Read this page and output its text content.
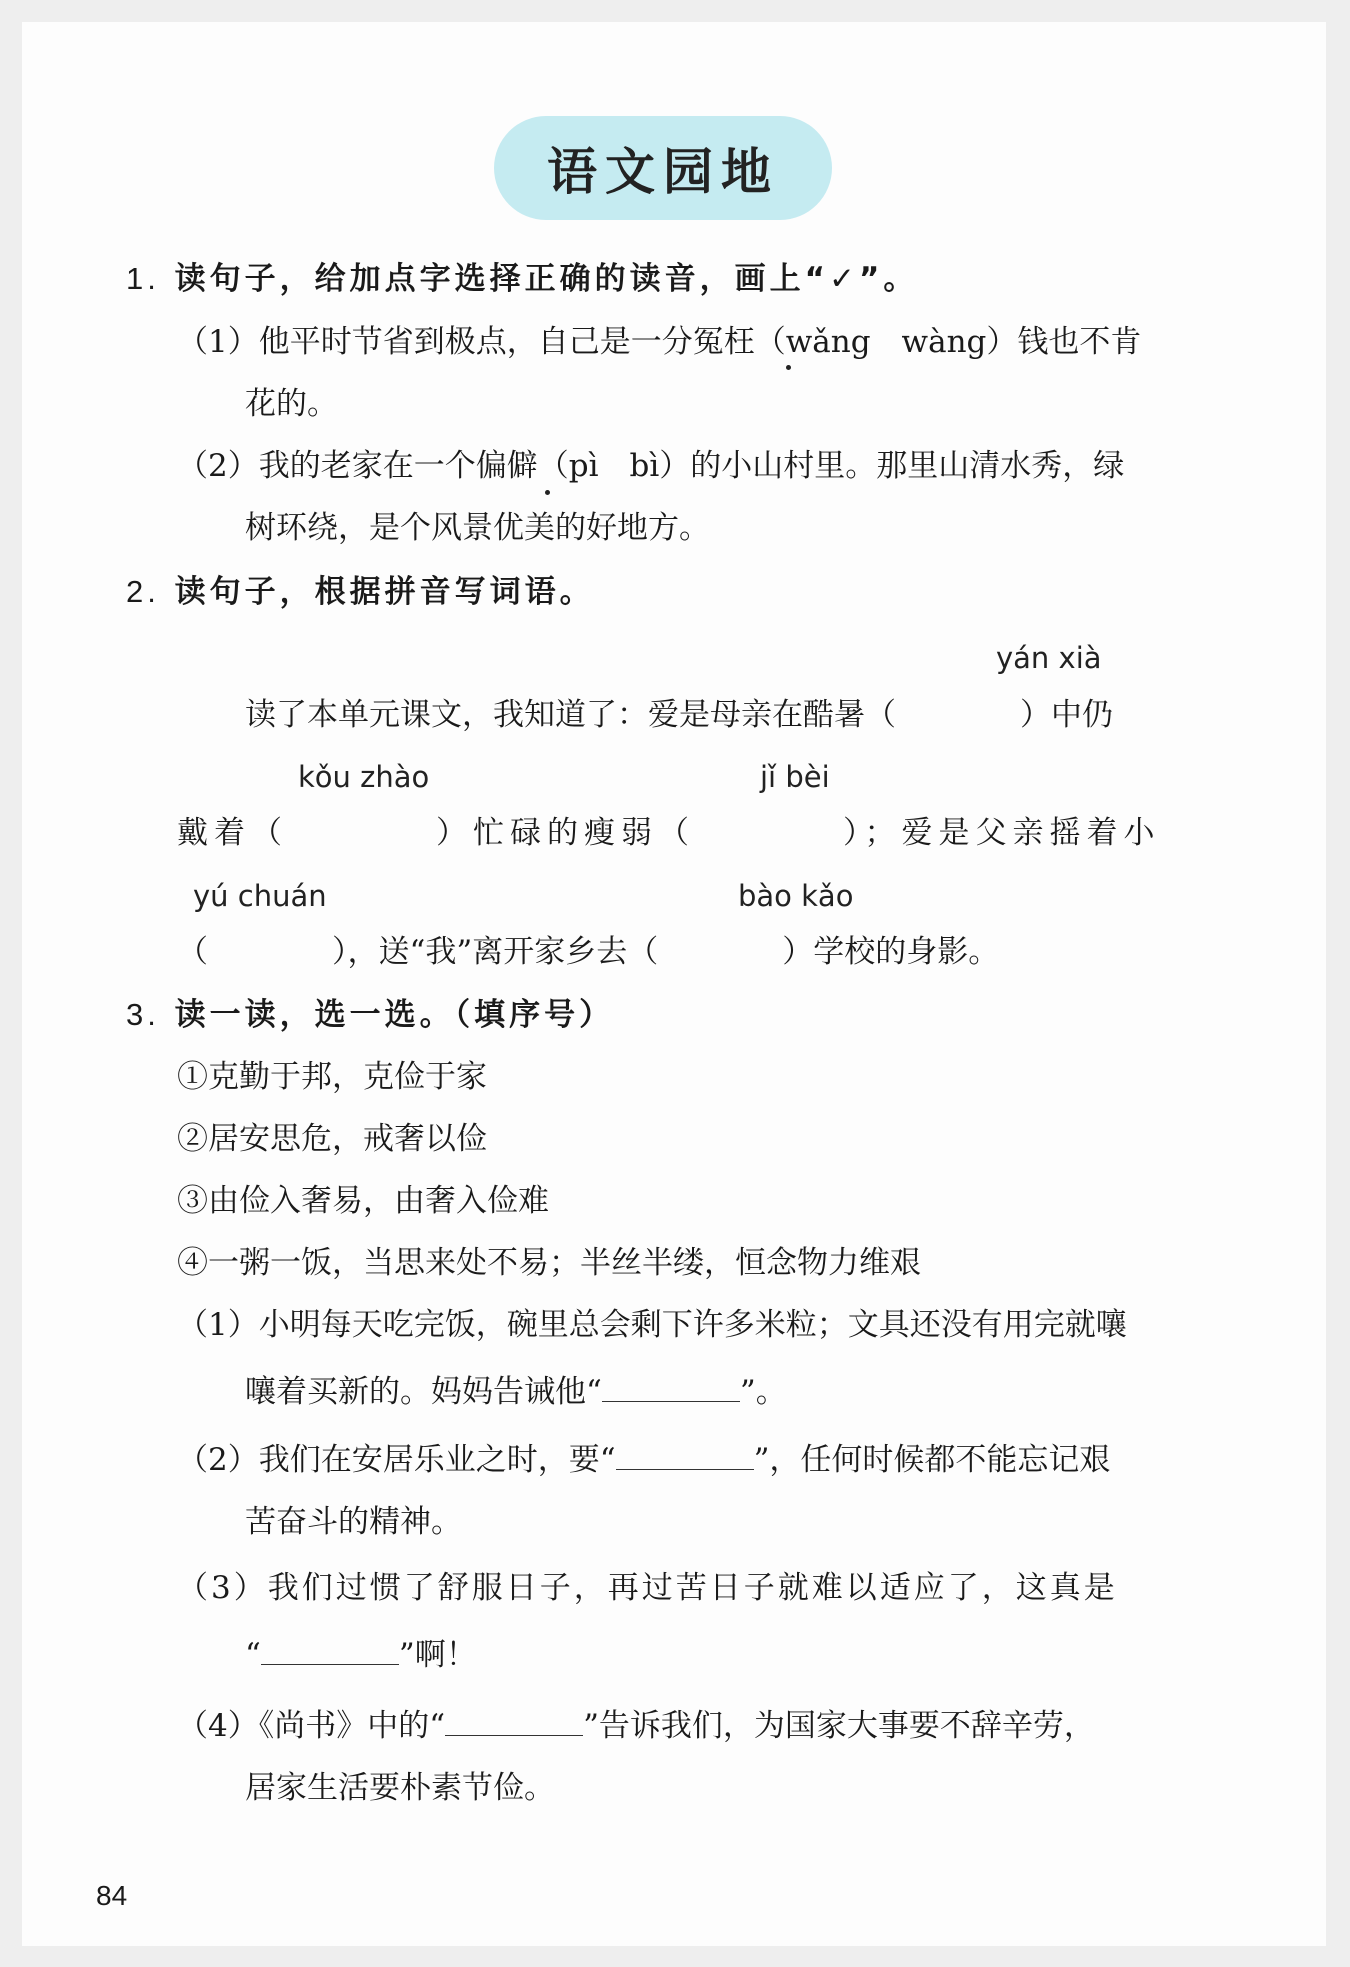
语文园地
1. 读句子，给加点字选择正确的读音，画上“✓”。
（1）他平时节省到极点，自己是一分冤枉（wǎng　wàng）钱也不肯
花的。
（2）我的老家在一个偏僻（pì　bì）的小山村里。那里山清水秀，绿
树环绕，是个风景优美的好地方。
2. 读句子，根据拼音写词语。
yán xià
读了本单元课文，我知道了：爱是母亲在酷暑（　　　　）中仍
kǒu zhào	jǐ bèi
戴着（　　　　）忙碌的瘦弱（　　　　）；爱是父亲摇着小
yú chuán	bào kǎo
（　　　　），送“我”离开家乡去（　　　　）学校的身影。
3. 读一读，选一选。（填序号）
①克勤于邦，克俭于家
②居安思危，戒奢以俭
③由俭入奢易，由奢入俭难
④一粥一饭，当思来处不易；半丝半缕，恒念物力维艰
（1）小明每天吃完饭，碗里总会剩下许多米粒；文具还没有用完就嚷
嚷着买新的。妈妈告诫他“	”。
（2）我们在安居乐业之时，要“	”，任何时候都不能忘记艰
苦奋斗的精神。
（3）我们过惯了舒服日子，再过苦日子就难以适应了，这真是
“	”啊！
（4）《尚书》中的“	”告诉我们，为国家大事要不辞辛劳，
居家生活要朴素节俭。
84
